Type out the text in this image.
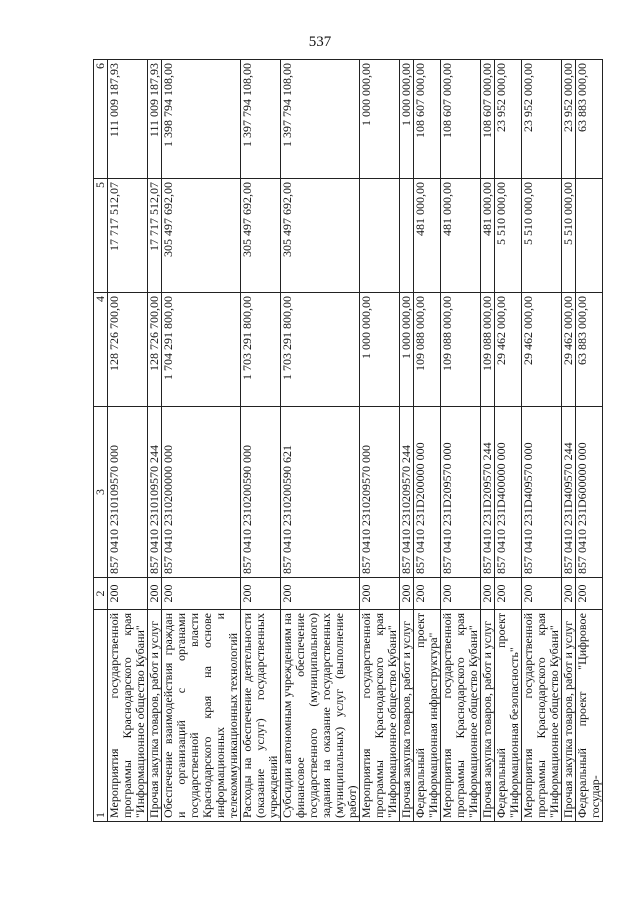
537
1	2	3	4	5	6
Мероприятия государственной программы Краснодарского края "Информационное общество Кубани"	200	857 0410 2310109570 000	128 726 700,00	17 717 512,07	111 009 187,93
Прочая закупка товаров, работ и услуг	200	857 0410 2310109570 244	128 726 700,00	17 717 512,07	111 009 187,93
Обеспечение взаимодействия граждан и организаций с органами государственной власти Краснодарского края на основе информационных и телекоммуникационных технологий	200	857 0410 2310200000 000	1 704 291 800,00	305 497 692,00	1 398 794 108,00
Расходы на обеспечение деятельности (оказание услуг) государственных учреждений	200	857 0410 2310200590 000	1 703 291 800,00	305 497 692,00	1 397 794 108,00
Субсидии автономным учреждениям на финансовое обеспечение государственного (муниципального) задания на оказание государственных (муниципальных) услуг (выполнение работ)	200	857 0410 2310200590 621	1 703 291 800,00	305 497 692,00	1 397 794 108,00
Мероприятия государственной программы Краснодарского края "Информационное общество Кубани"	200	857 0410 2310209570 000	1 000 000,00		1 000 000,00
Прочая закупка товаров, работ и услуг	200	857 0410 2310209570 244	1 000 000,00		1 000 000,00
Федеральный проект "Информационная инфраструктура"	200	857 0410 231D200000 000	109 088 000,00	481 000,00	108 607 000,00
Мероприятия государственной программы Краснодарского края "Информационное общество Кубани"	200	857 0410 231D209570 000	109 088 000,00	481 000,00	108 607 000,00
Прочая закупка товаров, работ и услуг	200	857 0410 231D209570 244	109 088 000,00	481 000,00	108 607 000,00
Федеральный проект "Информационная безопасность"	200	857 0410 231D400000 000	29 462 000,00	5 510 000,00	23 952 000,00
Мероприятия государственной программы Краснодарского края "Информационное общество Кубани"	200	857 0410 231D409570 000	29 462 000,00	5 510 000,00	23 952 000,00
Прочая закупка товаров, работ и услуг	200	857 0410 231D409570 244	29 462 000,00	5 510 000,00	23 952 000,00
Федеральный проект "Цифровое государ-	200	857 0410 231D600000 000	63 883 000,00		63 883 000,00
